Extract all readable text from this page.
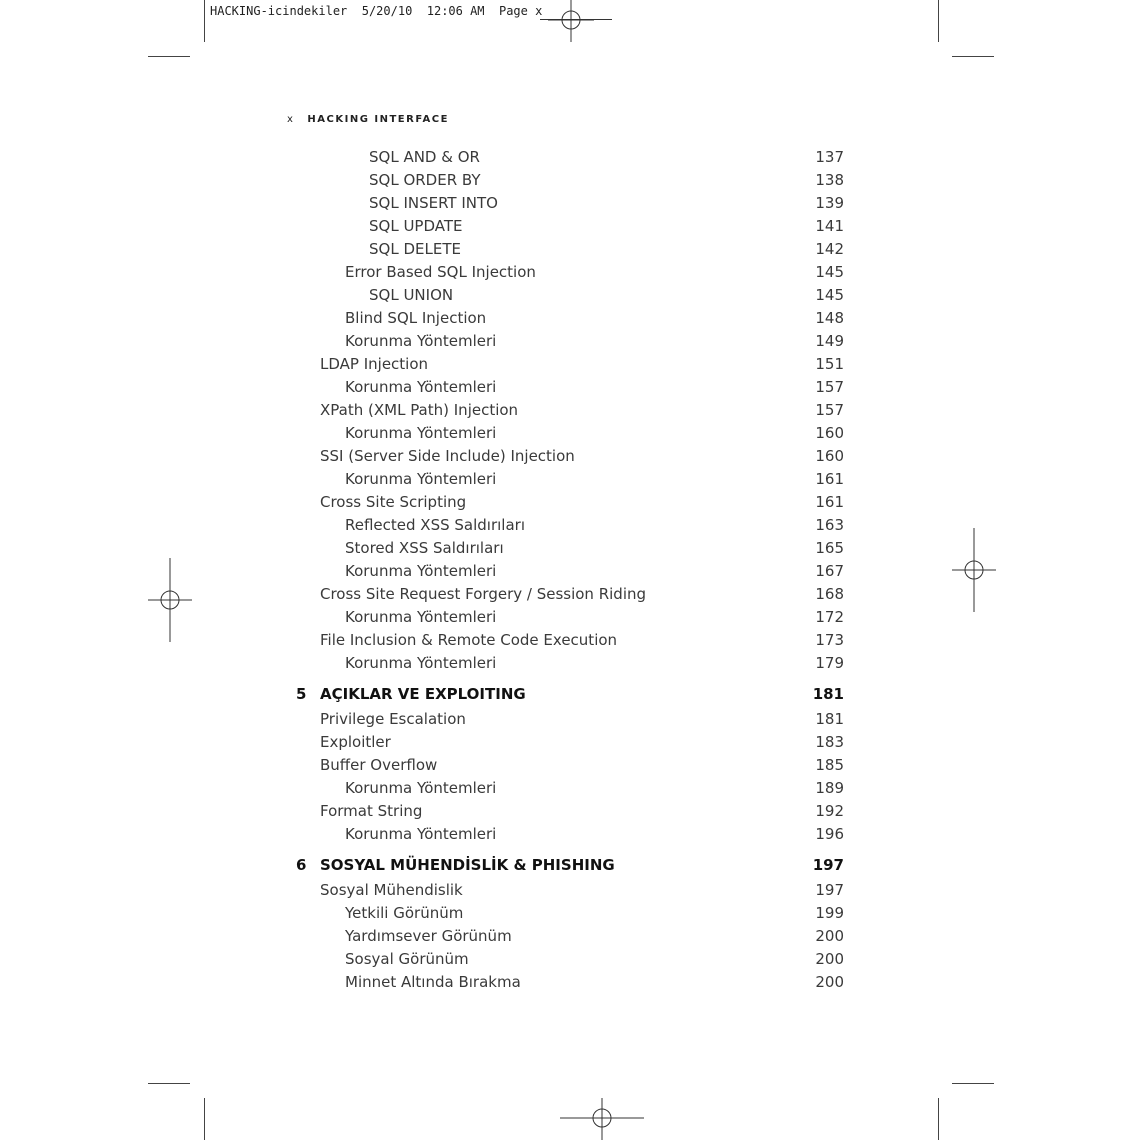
HACKING-icindekiler  5/20/10  12:06 AM  Page x
x HACKING INTERFACE
SQL AND & OR	137
SQL ORDER BY	138
SQL INSERT INTO	139
SQL UPDATE	141
SQL DELETE	142
Error Based SQL Injection	145
SQL UNION	145
Blind SQL Injection	148
Korunma Yöntemleri	149
LDAP Injection	151
Korunma Yöntemleri	157
XPath (XML Path) Injection	157
Korunma Yöntemleri	160
SSI (Server Side Include) Injection	160
Korunma Yöntemleri	161
Cross Site Scripting	161
Reflected XSS Saldırıları	163
Stored XSS Saldırıları	165
Korunma Yöntemleri	167
Cross Site Request Forgery / Session Riding	168
Korunma Yöntemleri	172
File Inclusion & Remote Code Execution	173
Korunma Yöntemleri	179
5 AÇIKLAR VE EXPLOITING	181
Privilege Escalation	181
Exploitler	183
Buffer Overflow	185
Korunma Yöntemleri	189
Format String	192
Korunma Yöntemleri	196
6 SOSYAL MÜHENDİSLİK & PHISHING	197
Sosyal Mühendislik	197
Yetkili Görünüm	199
Yardımsever Görünüm	200
Sosyal Görünüm	200
Minnet Altında Bırakma	200
